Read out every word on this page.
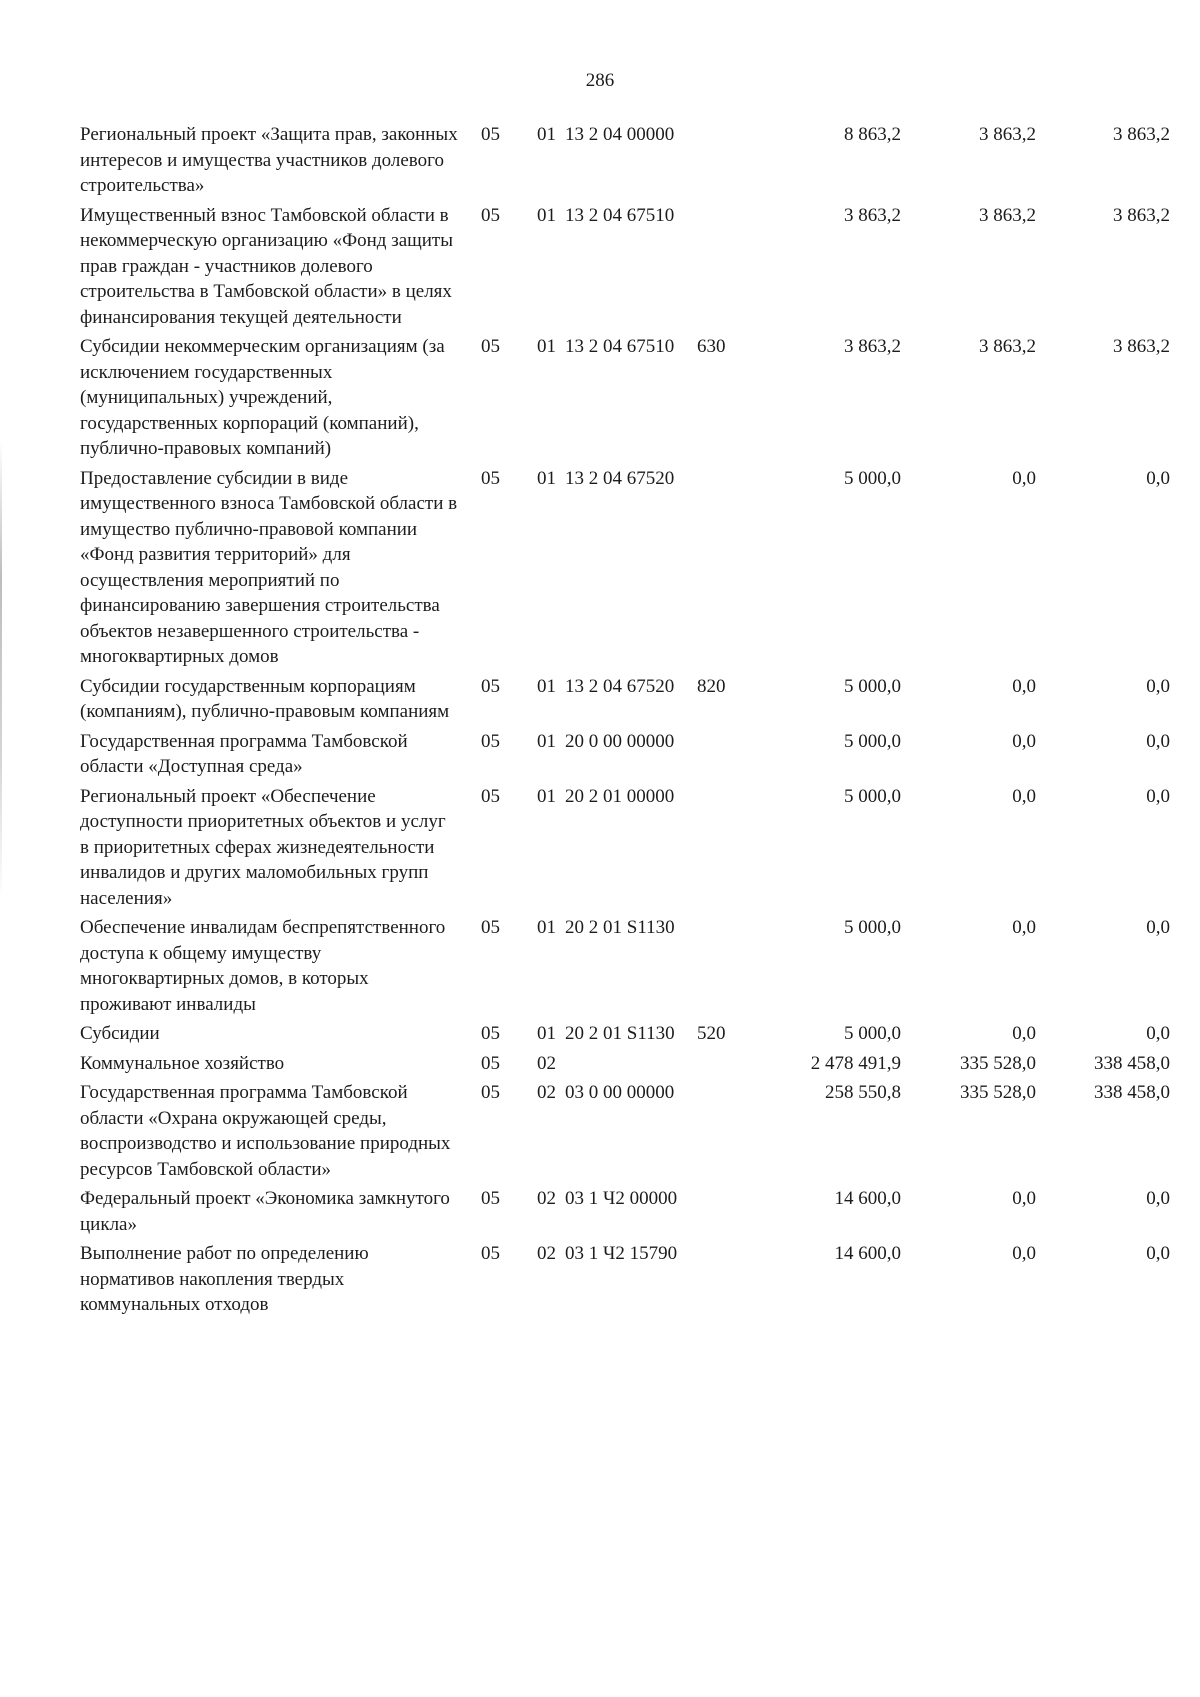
286
Региональный проект «Защита прав, законных интересов и имущества участников долевого строительства»
05	01 13 2 04 00000	8 863,2	3 863,2	3 863,2
Имущественный взнос Тамбовской области в некоммерческую организацию «Фонд защиты прав граждан - участников долевого строительства в Тамбовской области» в целях финансирования текущей деятельности
05	01 13 2 04 67510	3 863,2	3 863,2	3 863,2
Субсидии некоммерческим организациям (за исключением государственных (муниципальных) учреждений, государственных корпораций (компаний), публично-правовых компаний)
05	01 13 2 04 67510	630	3 863,2	3 863,2	3 863,2
Предоставление субсидии в виде имущественного взноса Тамбовской области в имущество публично-правовой компании «Фонд развития территорий» для осуществления мероприятий по финансированию завершения строительства объектов незавершенного строительства - многоквартирных домов
05	01 13 2 04 67520	5 000,0	0,0	0,0
Субсидии государственным корпорациям (компаниям), публично-правовым компаниям
05	01 13 2 04 67520	820	5 000,0	0,0	0,0
Государственная программа Тамбовской области «Доступная среда»
05	01 20 0 00 00000	5 000,0	0,0	0,0
Региональный проект «Обеспечение доступности приоритетных объектов и услуг в приоритетных сферах жизнедеятельности инвалидов и других маломобильных групп населения»
05	01 20 2 01 00000	5 000,0	0,0	0,0
Обеспечение инвалидам беспрепятственного доступа к общему имуществу многоквартирных домов, в которых проживают инвалиды
05	01 20 2 01 S1130	5 000,0	0,0	0,0
Субсидии	05	01 20 2 01 S1130	520	5 000,0	0,0	0,0
Коммунальное хозяйство	05	02	2 478 491,9	335 528,0	338 458,0
Государственная программа Тамбовской области «Охрана окружающей среды, воспроизводство и использование природных ресурсов Тамбовской области»
05	02 03 0 00 00000	258 550,8	335 528,0	338 458,0
Федеральный проект «Экономика замкнутого цикла»
05	02 03 1 Ч2 00000	14 600,0	0,0	0,0
Выполнение работ по определению нормативов накопления твердых коммунальных отходов
05	02 03 1 Ч2 15790	14 600,0	0,0	0,0
